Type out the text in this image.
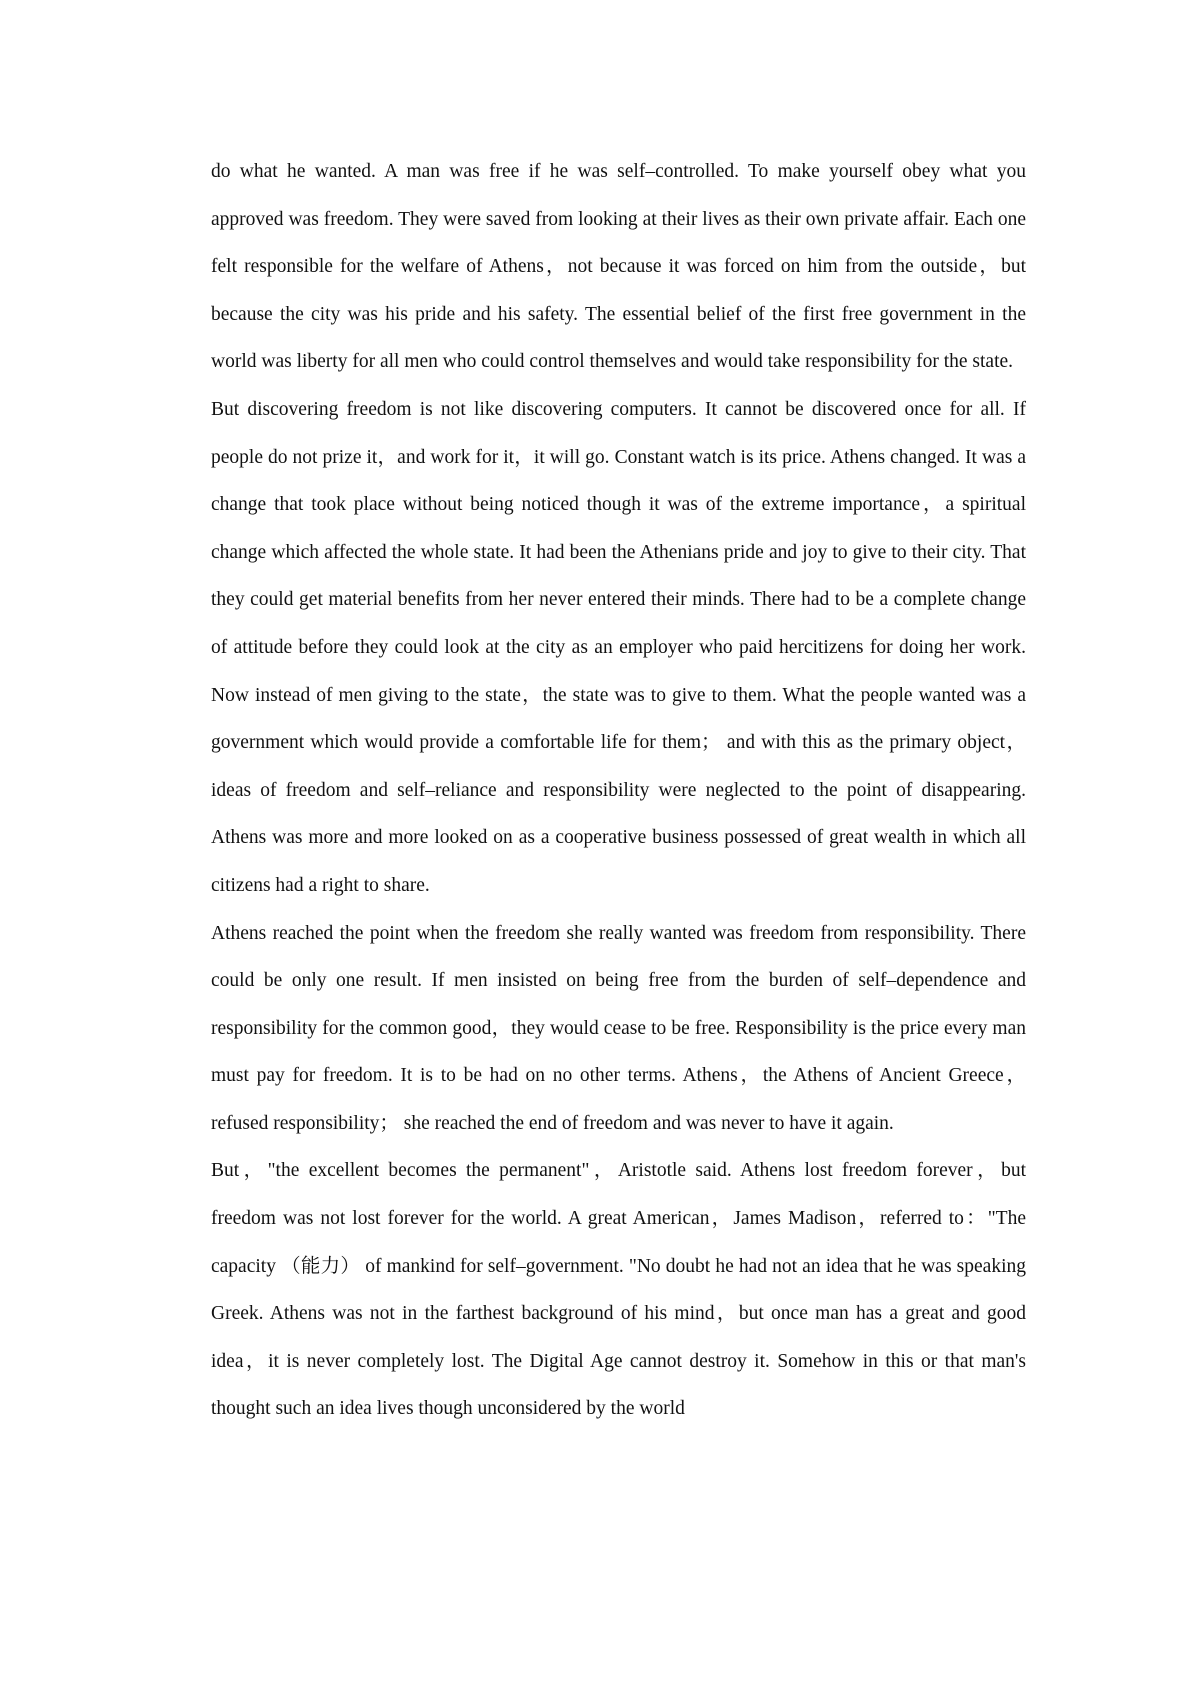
do what he wanted. A man was free if he was self–controlled. To make yourself obey what you approved was freedom. They were saved from looking at their lives as their own private affair. Each one felt responsible for the welfare of Athens，not because it was forced on him from the outside，but because the city was his pride and his safety. The essential belief of the first free government in the world was liberty for all men who could control themselves and would take responsibility for the state.

But discovering freedom is not like discovering computers. It cannot be discovered once for all. If people do not prize it，and work for it，it will go. Constant watch is its price. Athens changed. It was a change that took place without being noticed though it was of the extreme importance，a spiritual change which affected the whole state. It had been the Athenians pride and joy to give to their city. That they could get material benefits from her never entered their minds. There had to be a complete change of attitude before they could look at the city as an employer who paid hercitizens for doing her work. Now instead of men giving to the state，the state was to give to them. What the people wanted was a government which would provide a comfortable life for them； and with this as the primary object，ideas of freedom and self–reliance and responsibility were neglected to the point of disappearing. Athens was more and more looked on as a cooperative business possessed of great wealth in which all citizens had a right to share.

Athens reached the point when the freedom she really wanted was freedom from responsibility. There could be only one result. If men insisted on being free from the burden of self–dependence and responsibility for the common good，they would cease to be free. Responsibility is the price every man must pay for freedom. It is to be had on no other terms. Athens，the Athens of Ancient Greece，refused responsibility； she reached the end of freedom and was never to have it again.

But，"the excellent becomes the permanent"，Aristotle said. Athens lost freedom forever，but freedom was not lost forever for the world. A great American，James Madison，referred to："The capacity （能力） of mankind for self–government. "No doubt he had not an idea that he was speaking Greek. Athens was not in the farthest background of his mind，but once man has a great and good idea，it is never completely lost. The Digital Age cannot destroy it. Somehow in this or that man's thought such an idea lives though unconsidered by the world
